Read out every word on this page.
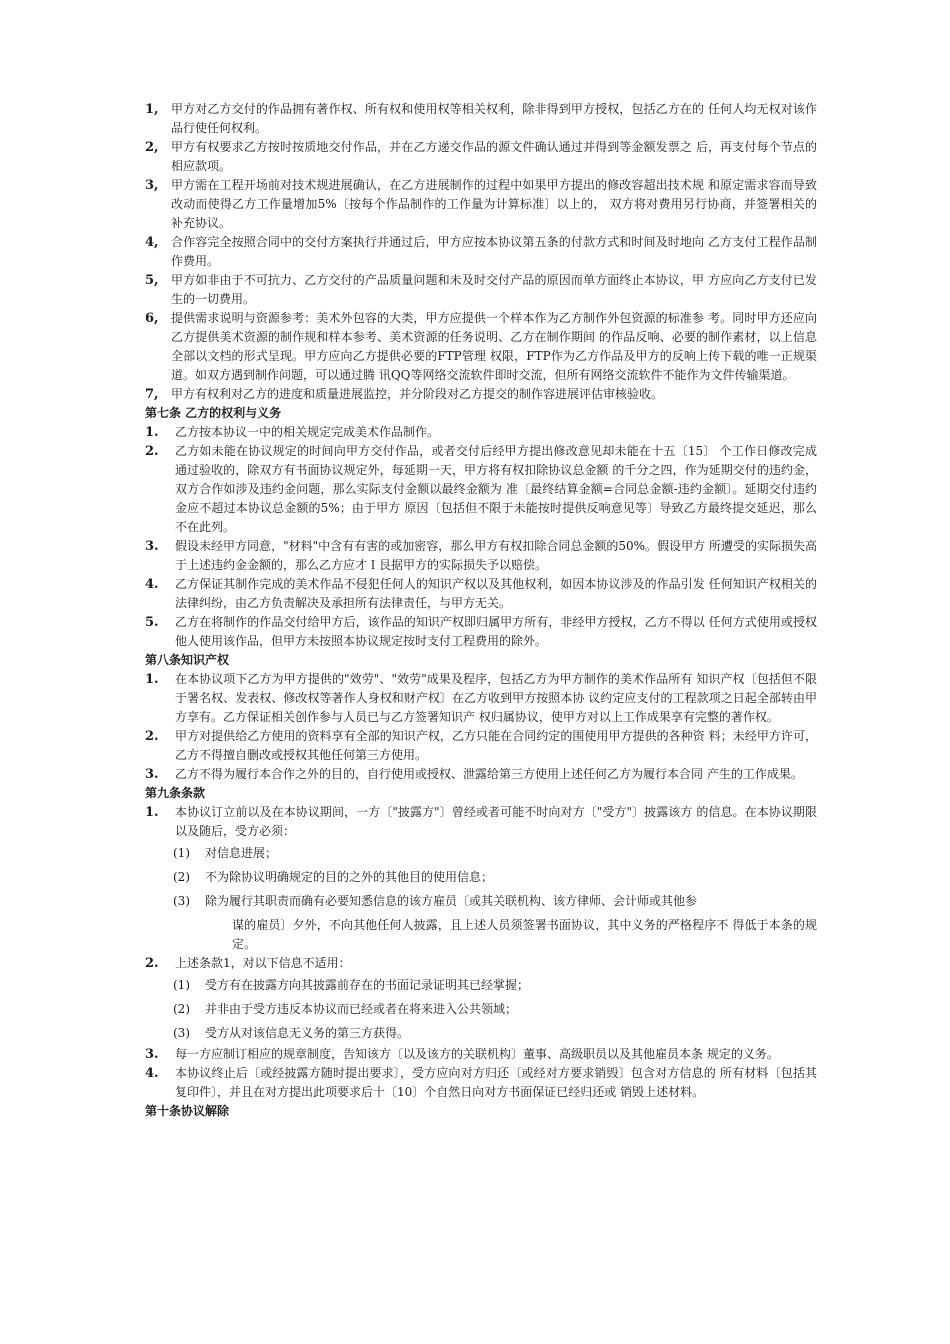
1, 甲方对乙方交付的作品拥有著作权、所有权和使用权等相关权利，除非得到甲方授权，包括乙方在的 任何人均无权对该作品行使任何权利。
2, 甲方有权要求乙方按时按质地交付作品，并在乙方递交作品的源文件确认通过并得到等金额发票之 后，再支付每个节点的相应款项。
3, 甲方需在工程开场前对技术规进展确认，在乙方进展制作的过程中如果甲方提出的修改容超出技术规 和原定需求容而导致改动而使得乙方工作量增加5%〔按每个作品制作的工作量为计算标准〕以上的， 双方将对费用另行协商，并签署相关的补充协议。
4, 合作容完全按照合同中的交付方案执行并通过后，甲方应按本协议第五条的付款方式和时间及时地向 乙方支付工程作品制作费用。
5, 甲方如非由于不可抗力、乙方交付的产品质量问题和未及时交付产品的原因而单方面终止本协议，甲 方应向乙方支付已发生的一切费用。
6, 提供需求说明与资源参考：美术外包容的大类，甲方应提供一个样本作为乙方制作外包资源的标准参 考。同时甲方还应向乙方提供美术资源的制作规和样本参考、美术资源的任务说明、乙方在制作期间 的作品反响、必要的制作素材，以上信息全部以文档的形式呈现。甲方应向乙方提供必要的FTP管理 权限，FTP作为乙方作品及甲方的反响上传下载的唯一正规渠道。如双方遇到制作问题，可以通过腾 讯QQ等网络交流软件即时交流，但所有网络交流软件不能作为文件传输渠道。
7, 甲方有权利对乙方的进度和质量进展监控，并分阶段对乙方提交的制作容进展评估审核验收。
第七条 乙方的权利与义务
1. 乙方按本协议一中的相关规定完成美术作品制作。
2. 乙方如未能在协议规定的时间向甲方交付作品，或者交付后经甲方提出修改意见却未能在十五〔15〕 个工作日修改完成通过验收的，除双方有书面协议规定外，每延期一天，甲方将有权扣除协议总金额 的千分之四，作为延期交付的违约金，双方合作如涉及违约金问题，那么实际支付金额以最终金额为 准〔最终结算金额=合同总金额-违约金额〕。延期交付违约金应不超过本协议总金额的5%；由于甲方 原因〔包括但不限于未能按时提供反响意见等〕导致乙方最终提交延迟，那么不在此列。
3. 假设未经甲方同意，"材料"中含有有害的或加密容，那么甲方有权扣除合同总金额的50%。假设甲方 所遭受的实际损失高于上述违约金金额的，那么乙方应才Ｉ艮据甲方的实际损失予以赔偿。
4. 乙方保证其制作完成的美术作品不侵犯任何人的知识产权以及其他权利，如因本协议涉及的作品引发 任何知识产权相关的法律纠纷，由乙方负责解决及承担所有法律责任，与甲方无关。
5. 乙方在将制作的作品交付给甲方后，该作品的知识产权即归属甲方所有，非经甲方授权，乙方不得以 任何方式使用或授权他人使用该作品，但甲方未按照本协议规定按时支付工程费用的除外。
第八条知识产权
1. 在本协议项下乙方为甲方提供的"效劳"、"效劳"成果及程序，包括乙方为甲方制作的美术作品所有 知识产权〔包括但不限于署名权、发表权、修改权等著作人身权和财产权〕在乙方收到甲方按照本协 议约定应支付的工程款项之日起全部转由甲方享有。乙方保证相关创作参与人员已与乙方签署知识产 权归属协议，使甲方对以上工作成果享有完整的著作权。
2. 甲方对提供给乙方使用的资料享有全部的知识产权，乙方只能在合同约定的围使用甲方提供的各种资 料；未经甲方许可，乙方不得擅自删改或授权其他任何第三方使用。
3. 乙方不得为履行本合作之外的目的，自行使用或授权、泄露给第三方使用上述任何乙方为履行本合同 产生的工作成果。
第九条条款
1. 本协议订立前以及在本协议期间，一方〔"披露方"〕曾经或者可能不时向对方〔"受方"〕披露该方 的信息。在本协议期限以及随后，受方必须：
(1) 对信息进展；
(2) 不为除协议明确规定的目的之外的其他目的使用信息；
(3) 除为履行其职责而确有必要知悉信息的该方雇员〔或其关联机构、该方律师、会计师或其他参
谋的雇员〕夕外，不向其他任何人披露，且上述人员须签署书面协议，其中义务的严格程序不 得低于本条的规定。
2. 上述条款1，对以下信息不适用：
(1) 受方有在披露方向其披露前存在的书面记录证明其已经掌握；
(2) 并非由于受方违反本协议而已经或者在将来进入公共领域；
(3) 受方从对该信息无义务的第三方获得。
3. 每一方应制订相应的规章制度，告知该方〔以及该方的关联机构〕董事、高级职员以及其他雇员本条 规定的义务。
4. 本协议终止后〔或经披露方随时提出要求〕，受方应向对方归还〔或经对方要求销毁〕包含对方信息的 所有材料〔包括其复印件〕，并且在对方提出此项要求后十〔10〕个自然日向对方书面保证已经归还或 销毁上述材料。
第十条协议解除
